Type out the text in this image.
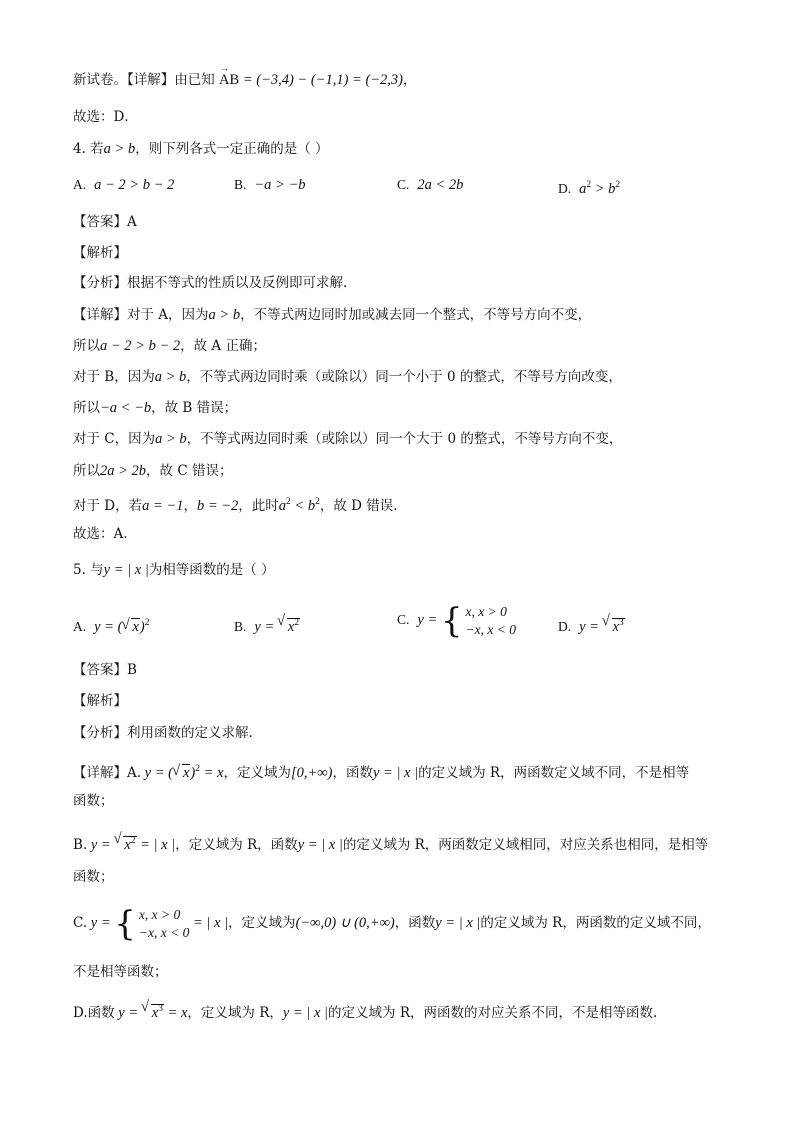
新试卷。【详解】由已知 → AB = (−3,4) − (−1,1) = (−2,3)，
故选：D．
4. 若a > b，则下列各式一定正确的是（ ）
A. a − 2 > b − 2	B. −a > −b	C. 2a < 2b	D. $a^2 > b^2$
【答案】A
【解析】
【分析】根据不等式的性质以及反例即可求解.
【详解】对于 A，因为a > b，不等式两边同时加或减去同一个整式，不等号方向不变，
所以a − 2 > b − 2，故 A 正确；
对于 B，因为a > b，不等式两边同时乘（或除以）同一个小于 0 的整式，不等号方向改变，
所以−a < −b，故 B 错误；
对于 C，因为a > b，不等式两边同时乘（或除以）同一个大于 0 的整式，不等号方向不变，
所以2a > 2b，故 C 错误；
对于 D，若a = −1，b = −2，此时$a^2 < b^2$，故 D 错误.
故选：A.
5. 与y = | x |为相等函数的是（ ）
A. y = ( √ x)$^2$	B. y = √ $x^2$	C. y = { x, x > 0
−x, x < 0	D. y = √ $x^3$
【答案】B
【解析】
【分析】利用函数的定义求解.
【详解】A. y = ( √ x)$^2$ = x，定义域为[0,+∞)，函数y = | x |的定义域为 R，两函数定义域不同，不是相等
函数；
B. y = √ $x^2$ = | x |，定义域为 R，函数y = | x |的定义域为 R，两函数定义域相同，对应关系也相同，是相等
函数；
C. y = { x, x > 0
−x, x < 0
= | x |，定义域为(−∞,0) ∪ (0,+∞)，函数y = | x |的定义域为 R，两函数的定义域不同，
不是相等函数；
D.函数 y = √ $x^3 = x$，定义域为 R，y = | x |的定义域为 R，两函数的对应关系不同，不是相等函数.
